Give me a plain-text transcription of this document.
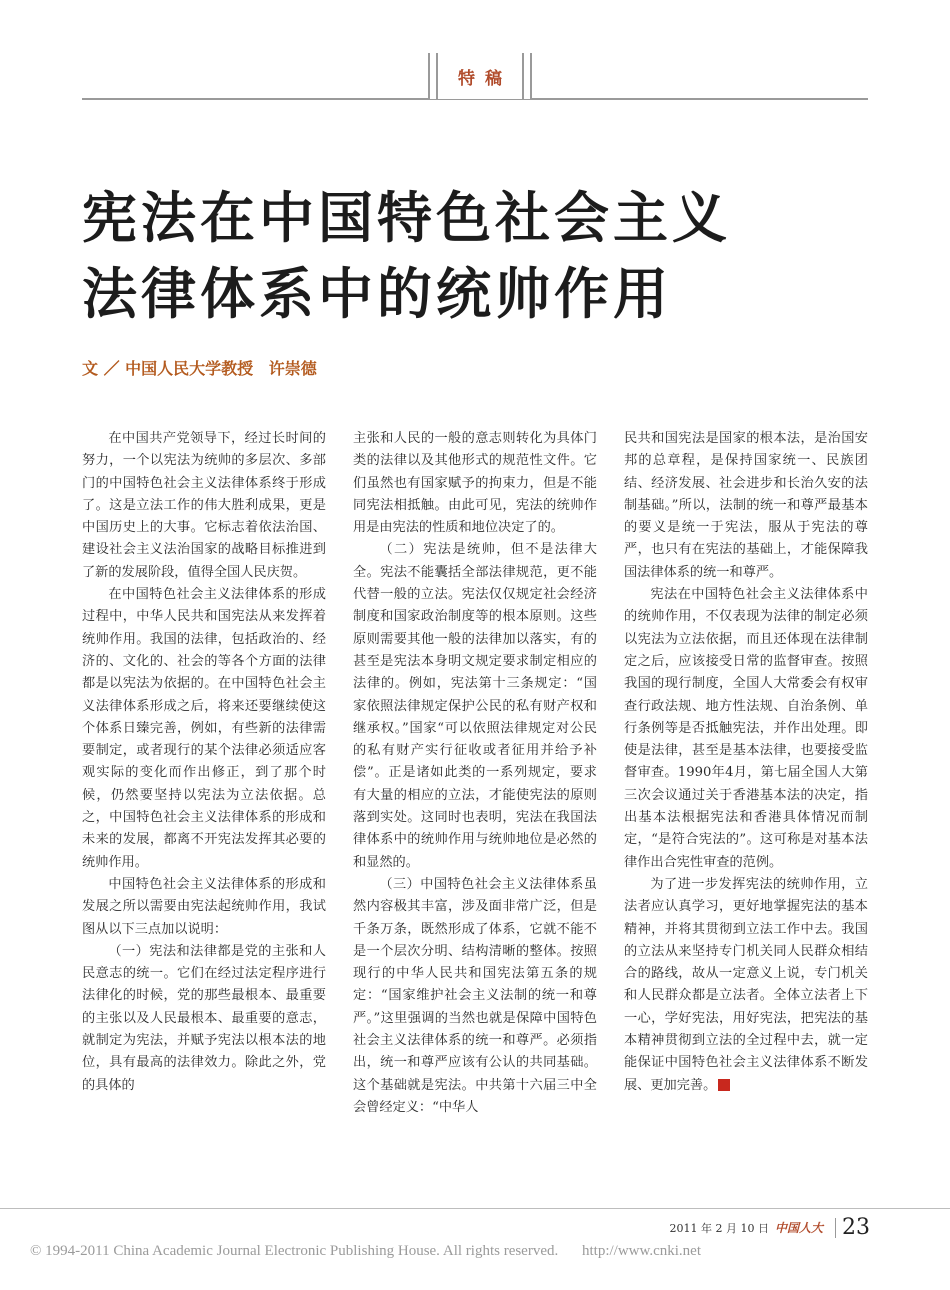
特稿
宪法在中国特色社会主义
法律体系中的统帅作用
文 ／ 中国人民大学教授 许崇德

在中国共产党领导下，经过长时间的努力，一个以宪法为统帅的多层次、多部门的中国特色社会主义法律体系终于形成了。这是立法工作的伟大胜利成果，更是中国历史上的大事。它标志着依法治国、建设社会主义法治国家的战略目标推进到了新的发展阶段，值得全国人民庆贺。

在中国特色社会主义法律体系的形成过程中，中华人民共和国宪法从来发挥着统帅作用。我国的法律，包括政治的、经济的、文化的、社会的等各个方面的法律都是以宪法为依据的。在中国特色社会主义法律体系形成之后，将来还要继续使这个体系日臻完善，例如，有些新的法律需要制定，或者现行的某个法律必须适应客观实际的变化而作出修正，到了那个时候，仍然要坚持以宪法为立法依据。总之，中国特色社会主义法律体系的形成和未来的发展，都离不开宪法发挥其必要的统帅作用。

中国特色社会主义法律体系的形成和发展之所以需要由宪法起统帅作用，我试图从以下三点加以说明：

（一）宪法和法律都是党的主张和人民意志的统一。它们在经过法定程序进行法律化的时候，党的那些最根本、最重要的主张以及人民最根本、最重要的意志，就制定为宪法，并赋予宪法以根本法的地位，具有最高的法律效力。除此之外，党的具体的

主张和人民的一般的意志则转化为具体门类的法律以及其他形式的规范性文件。它们虽然也有国家赋予的拘束力，但是不能同宪法相抵触。由此可见，宪法的统帅作用是由宪法的性质和地位决定了的。

（二）宪法是统帅，但不是法律大全。宪法不能囊括全部法律规范，更不能代替一般的立法。宪法仅仅规定社会经济制度和国家政治制度等的根本原则。这些原则需要其他一般的法律加以落实，有的甚至是宪法本身明文规定要求制定相应的法律的。例如，宪法第十三条规定：“国家依照法律规定保护公民的私有财产权和继承权。”国家“可以依照法律规定对公民的私有财产实行征收或者征用并给予补偿”。正是诸如此类的一系列规定，要求有大量的相应的立法，才能使宪法的原则落到实处。这同时也表明，宪法在我国法律体系中的统帅作用与统帅地位是必然的和显然的。

（三）中国特色社会主义法律体系虽然内容极其丰富，涉及面非常广泛，但是千条万条，既然形成了体系，它就不能不是一个层次分明、结构清晰的整体。按照现行的中华人民共和国宪法第五条的规定：“国家维护社会主义法制的统一和尊严。”这里强调的当然也就是保障中国特色社会主义法律体系的统一和尊严。必须指出，统一和尊严应该有公认的共同基础。这个基础就是宪法。中共第十六届三中全会曾经定义：“中华人

民共和国宪法是国家的根本法，是治国安邦的总章程，是保持国家统一、民族团结、经济发展、社会进步和长治久安的法制基础。”所以，法制的统一和尊严最基本的要义是统一于宪法，服从于宪法的尊严，也只有在宪法的基础上，才能保障我国法律体系的统一和尊严。

宪法在中国特色社会主义法律体系中的统帅作用，不仅表现为法律的制定必须以宪法为立法依据，而且还体现在法律制定之后，应该接受日常的监督审查。按照我国的现行制度，全国人大常委会有权审查行政法规、地方性法规、自治条例、单行条例等是否抵触宪法，并作出处理。即使是法律，甚至是基本法律，也要接受监督审查。1990年4月，第七届全国人大第三次会议通过关于香港基本法的决定，指出基本法根据宪法和香港具体情况而制定，“是符合宪法的”。这可称是对基本法律作出合宪性审查的范例。

为了进一步发挥宪法的统帅作用，立法者应认真学习，更好地掌握宪法的基本精神，并将其贯彻到立法工作中去。我国的立法从来坚持专门机关同人民群众相结合的路线，故从一定意义上说，专门机关和人民群众都是立法者。全体立法者上下一心，学好宪法，用好宪法，把宪法的基本精神贯彻到立法的全过程中去，就一定能保证中国特色社会主义法律体系不断发展、更加完善。	★

2011 年 2 月 10 日 中国人大 23
© 1994-2011 China Academic Journal Electronic Publishing House. All rights reserved. http://www.cnki.net
